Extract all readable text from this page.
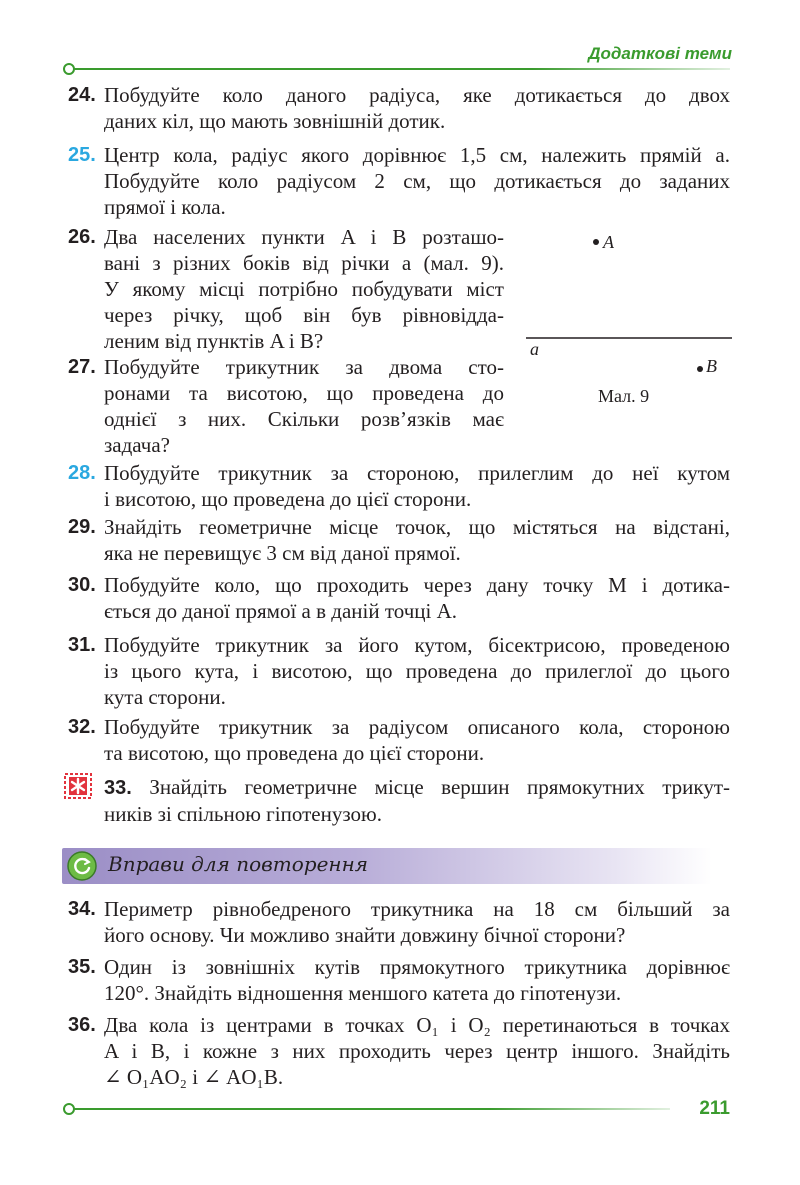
Додаткові теми
24. Побудуйте коло даного радіуса, яке дотикається до двох
даних кіл, що мають зовнішній дотик.
25. Центр кола, радіус якого дорівнює 1,5 см, належить прямій a.
Побудуйте коло радіусом 2 см, що дотикається до заданих
прямої і кола.
26. Два населених пункти A і B розташо-
вані з різних боків від річки a (мал. 9).
У якому місці потрібно побудувати міст
через річку, щоб він був рівновідда-
леним від пунктів A і B?
27. Побудуйте трикутник за двома сто-
ронами та висотою, що проведена до
однієї з них. Скільки розв’язків має
задача?
A
a
B
Мал. 9
28. Побудуйте трикутник за стороною, прилеглим до неї кутом
і висотою, що проведена до цієї сторони.
29. Знайдіть геометричне місце точок, що містяться на відстані,
яка не перевищує 3 см від даної прямої.
30. Побудуйте коло, що проходить через дану точку M і дотика-
ється до даної прямої a в даній точці A.
31. Побудуйте трикутник за його кутом, бісектрисою, проведеною
із цього кута, і висотою, що проведена до прилеглої до цього
кута сторони.
32. Побудуйте трикутник за радіусом описаного кола, стороною
та висотою, що проведена до цієї сторони.
33. Знайдіть геометричне місце вершин прямокутних трикут-
ників зі спільною гіпотенузою.
Вправи для повторення
34. Периметр рівнобедреного трикутника на 18 см більший за
його основу. Чи можливо знайти довжину бічної сторони?
35. Один із зовнішніх кутів прямокутного трикутника дорівнює
120°. Знайдіть відношення меншого катета до гіпотенузи.
36. Два кола із центрами в точках O₁ і O₂ перетинаються в точках
A і B, і кожне з них проходить через центр іншого. Знайдіть
∠ O₁AO₂ і ∠ AO₁B.
211
